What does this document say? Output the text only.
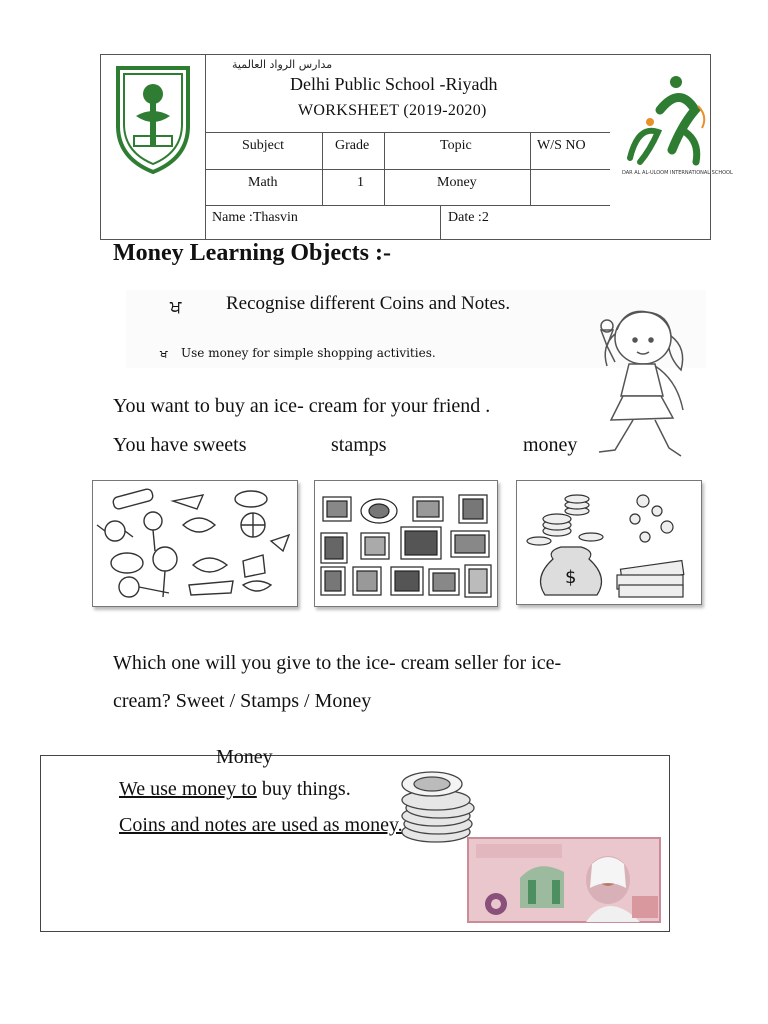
مدارس الرواد العالمية
Delhi Public School -Riyadh
WORKSHEET (2019-2020)
Subject	Grade	Topic	W/S NO
Math	1	Money
Name :Thasvin	Date :2
DAR AL AL-ULOOM INTERNATIONAL SCHOOL
Money Learning Objects :-
ਖ Recognise different Coins and Notes.
ਖ Use money for simple shopping activities.
You want to buy an ice- cream for your friend .
You have sweets	stamps	money
$
Which one will you give to the ice- cream seller for ice-
cream? Sweet / Stamps / Money
Money
We use money to buy things.
Coins and notes are used as money.
